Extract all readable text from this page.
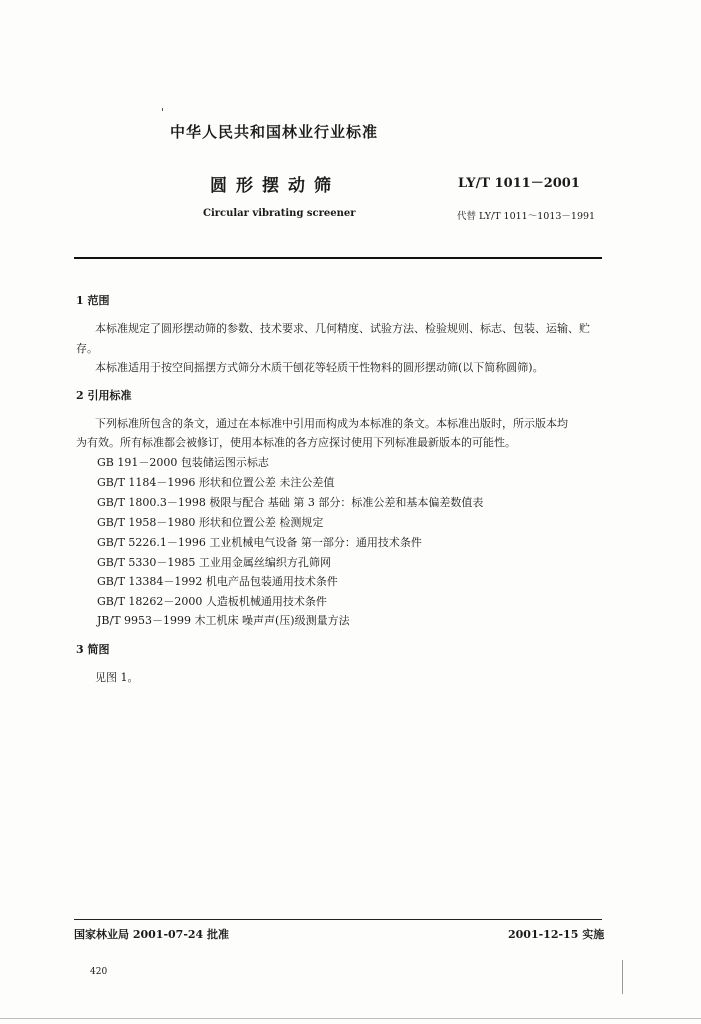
中华人民共和国林业行业标准
圆形摆动筛	LY/T 1011－2001
Circular vibrating screener	代替 LY/T 1011～1013－1991
1 范围
本标准规定了圆形摆动筛的参数、技术要求、几何精度、试验方法、检验规则、标志、包装、运输、贮
存。
本标准适用于按空间摇摆方式筛分木质干刨花等轻质干性物料的圆形摆动筛(以下简称圆筛)。
2 引用标准
下列标准所包含的条文，通过在本标准中引用而构成为本标准的条文。本标准出版时，所示版本均
为有效。所有标准都会被修订，使用本标准的各方应探讨使用下列标准最新版本的可能性。
GB 191－2000 包装储运图示标志
GB/T 1184－1996 形状和位置公差 未注公差值
GB/T 1800.3－1998 极限与配合 基础 第 3 部分：标准公差和基本偏差数值表
GB/T 1958－1980 形状和位置公差 检测规定
GB/T 5226.1－1996 工业机械电气设备 第一部分：通用技术条件
GB/T 5330－1985 工业用金属丝编织方孔筛网
GB/T 13384－1992 机电产品包装通用技术条件
GB/T 18262－2000 人造板机械通用技术条件
JB/T 9953－1999 木工机床 噪声声(压)级测量方法
3 简图
见图 1。
国家林业局 2001-07-24 批准	2001-12-15 实施
420
